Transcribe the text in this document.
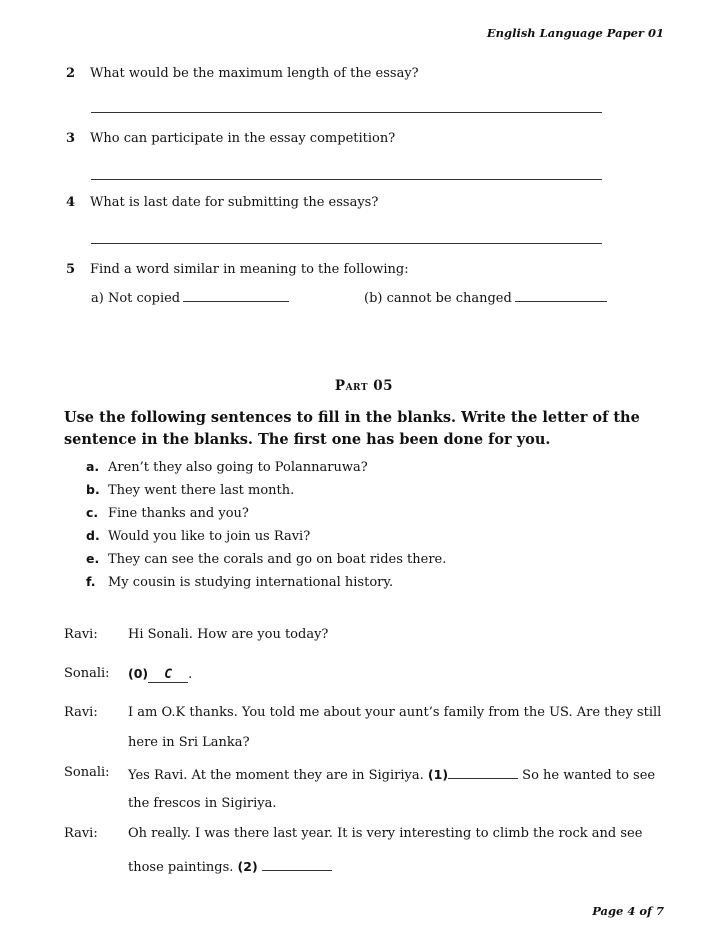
English Language Paper 01
2 What would be the maximum length of the essay?
3 Who can participate in the essay competition?
4 What is last date for submitting the essays?
5 Find a word similar in meaning to the following:
a) Not copied	(b) cannot be changed
Part 05
Use the following sentences to fill in the blanks. Write the letter of the sentence in the blanks. The first one has been done for you.
a. Aren’t they also going to Polannaruwa?
b. They went there last month.
c. Fine thanks and you?
d. Would you like to join us Ravi?
e. They can see the corals and go on boat rides there.
f. My cousin is studying international history.
Ravi: Hi Sonali. How are you today?
Sonali: (0) C .
Ravi: I am O.K thanks. You told me about your aunt’s family from the US. Are they still
here in Sri Lanka?
Sonali: Yes Ravi. At the moment they are in Sigiriya. (1)	So he wanted to see
the frescos in Sigiriya.
Ravi: Oh really. I was there last year. It is very interesting to climb the rock and see
those paintings. (2)
Page 4 of 7
